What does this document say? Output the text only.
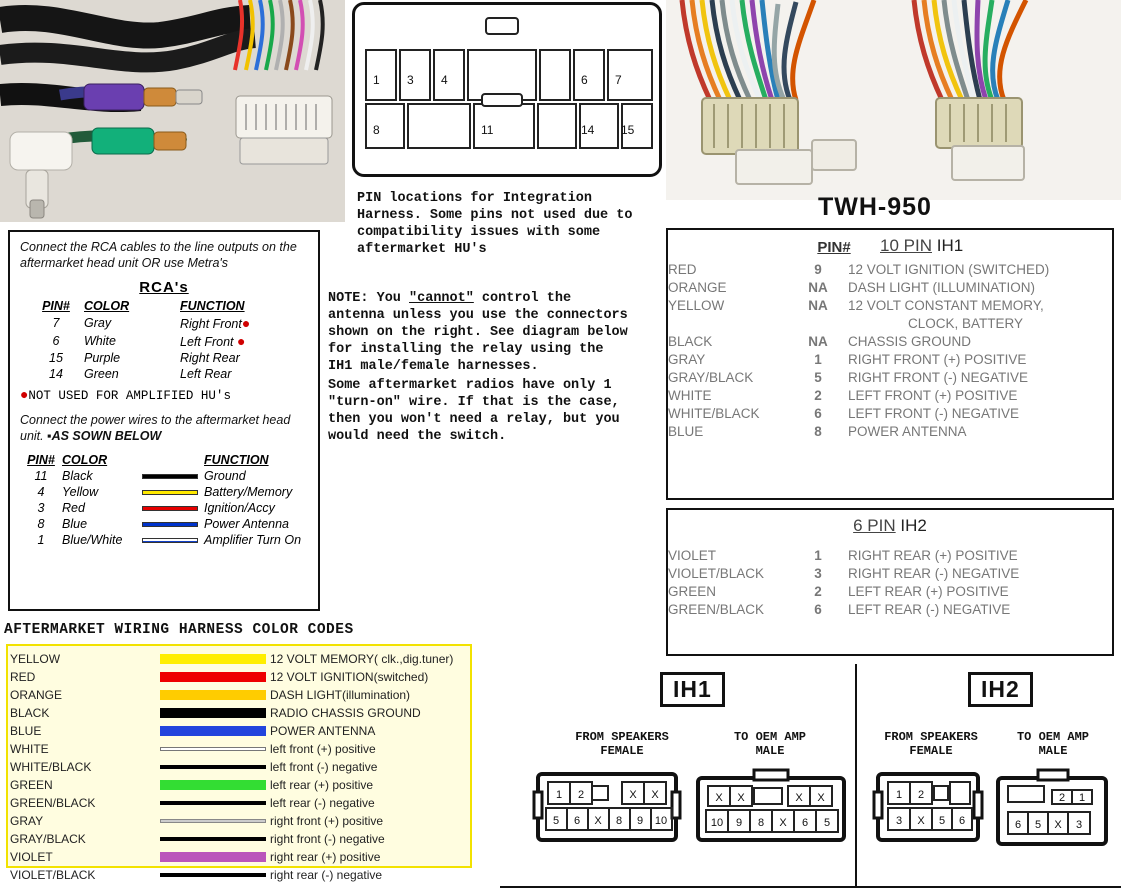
1 3 4	6 7
8	11	14 15
PIN locations for Integration Harness. Some pins not used due to compatibility issues with some aftermarket HU's
NOTE: You "cannot" control the antenna unless you use the connectors shown on the right. See diagram below for installing the relay using the IH1 male/female harnesses.
Some aftermarket radios have only 1 "turn-on" wire. If that is the case, then you won't need a relay, but you would need the switch.
TWH-950
Connect the RCA cables to the line outputs on the aftermarket head unit OR use Metra's
RCA's
PIN#	COLOR	FUNCTION
7	Gray	Right Front●
6	White	Left Front ●
15	Purple	Right Rear
14	Green	Left Rear
●NOT USED FOR AMPLIFIED HU's
Connect the power wires to the aftermarket head unit. ▪AS SOWN BELOW
PIN#	COLOR		FUNCTION
11	Black		Ground
4	Yellow		Battery/Memory
3	Red		Ignition/Accy
8	Blue		Power Antenna
1	Blue/White		Amplifier Turn On
AFTERMARKET WIRING HARNESS COLOR CODES
YELLOW		12 VOLT MEMORY( clk.,dig.tuner)
RED		12 VOLT IGNITION(switched)
ORANGE		DASH LIGHT(illumination)
BLACK		RADIO CHASSIS GROUND
BLUE		POWER ANTENNA
WHITE		left front (+) positive
WHITE/BLACK		left front (-) negative
GREEN		left rear (+) positive
GREEN/BLACK		left rear (-) negative
GRAY		right front (+) positive
GRAY/BLACK		right front (-) negative
VIOLET		right rear (+) positive
VIOLET/BLACK		right rear (-) negative
PIN#	10 PIN IH1
RED	9	12 VOLT IGNITION (SWITCHED)
ORANGE	NA	DASH LIGHT (ILLUMINATION)
YELLOW	NA	12 VOLT CONSTANT MEMORY,
		CLOCK, BATTERY
BLACK	NA	CHASSIS GROUND
GRAY	1	RIGHT FRONT (+) POSITIVE
GRAY/BLACK	5	RIGHT FRONT (-) NEGATIVE
WHITE	2	LEFT FRONT (+) POSITIVE
WHITE/BLACK	6	LEFT FRONT (-) NEGATIVE
BLUE	8	POWER ANTENNA
6 PIN IH2
VIOLET	1	RIGHT REAR (+) POSITIVE
VIOLET/BLACK	3	RIGHT REAR (-) NEGATIVE
GREEN	2	LEFT REAR (+) POSITIVE
GREEN/BLACK	6	LEFT REAR (-) NEGATIVE
IH1	IH2
FROM SPEAKERS
FEMALE
1 2	X X
5 6 X 8 9 10
TO OEM AMP
MALE
X X	X X
10 9 8 X 6 5
FROM SPEAKERS
FEMALE
1 2
3 X 5 6
TO OEM AMP
MALE
2 1
6 5 X 3
